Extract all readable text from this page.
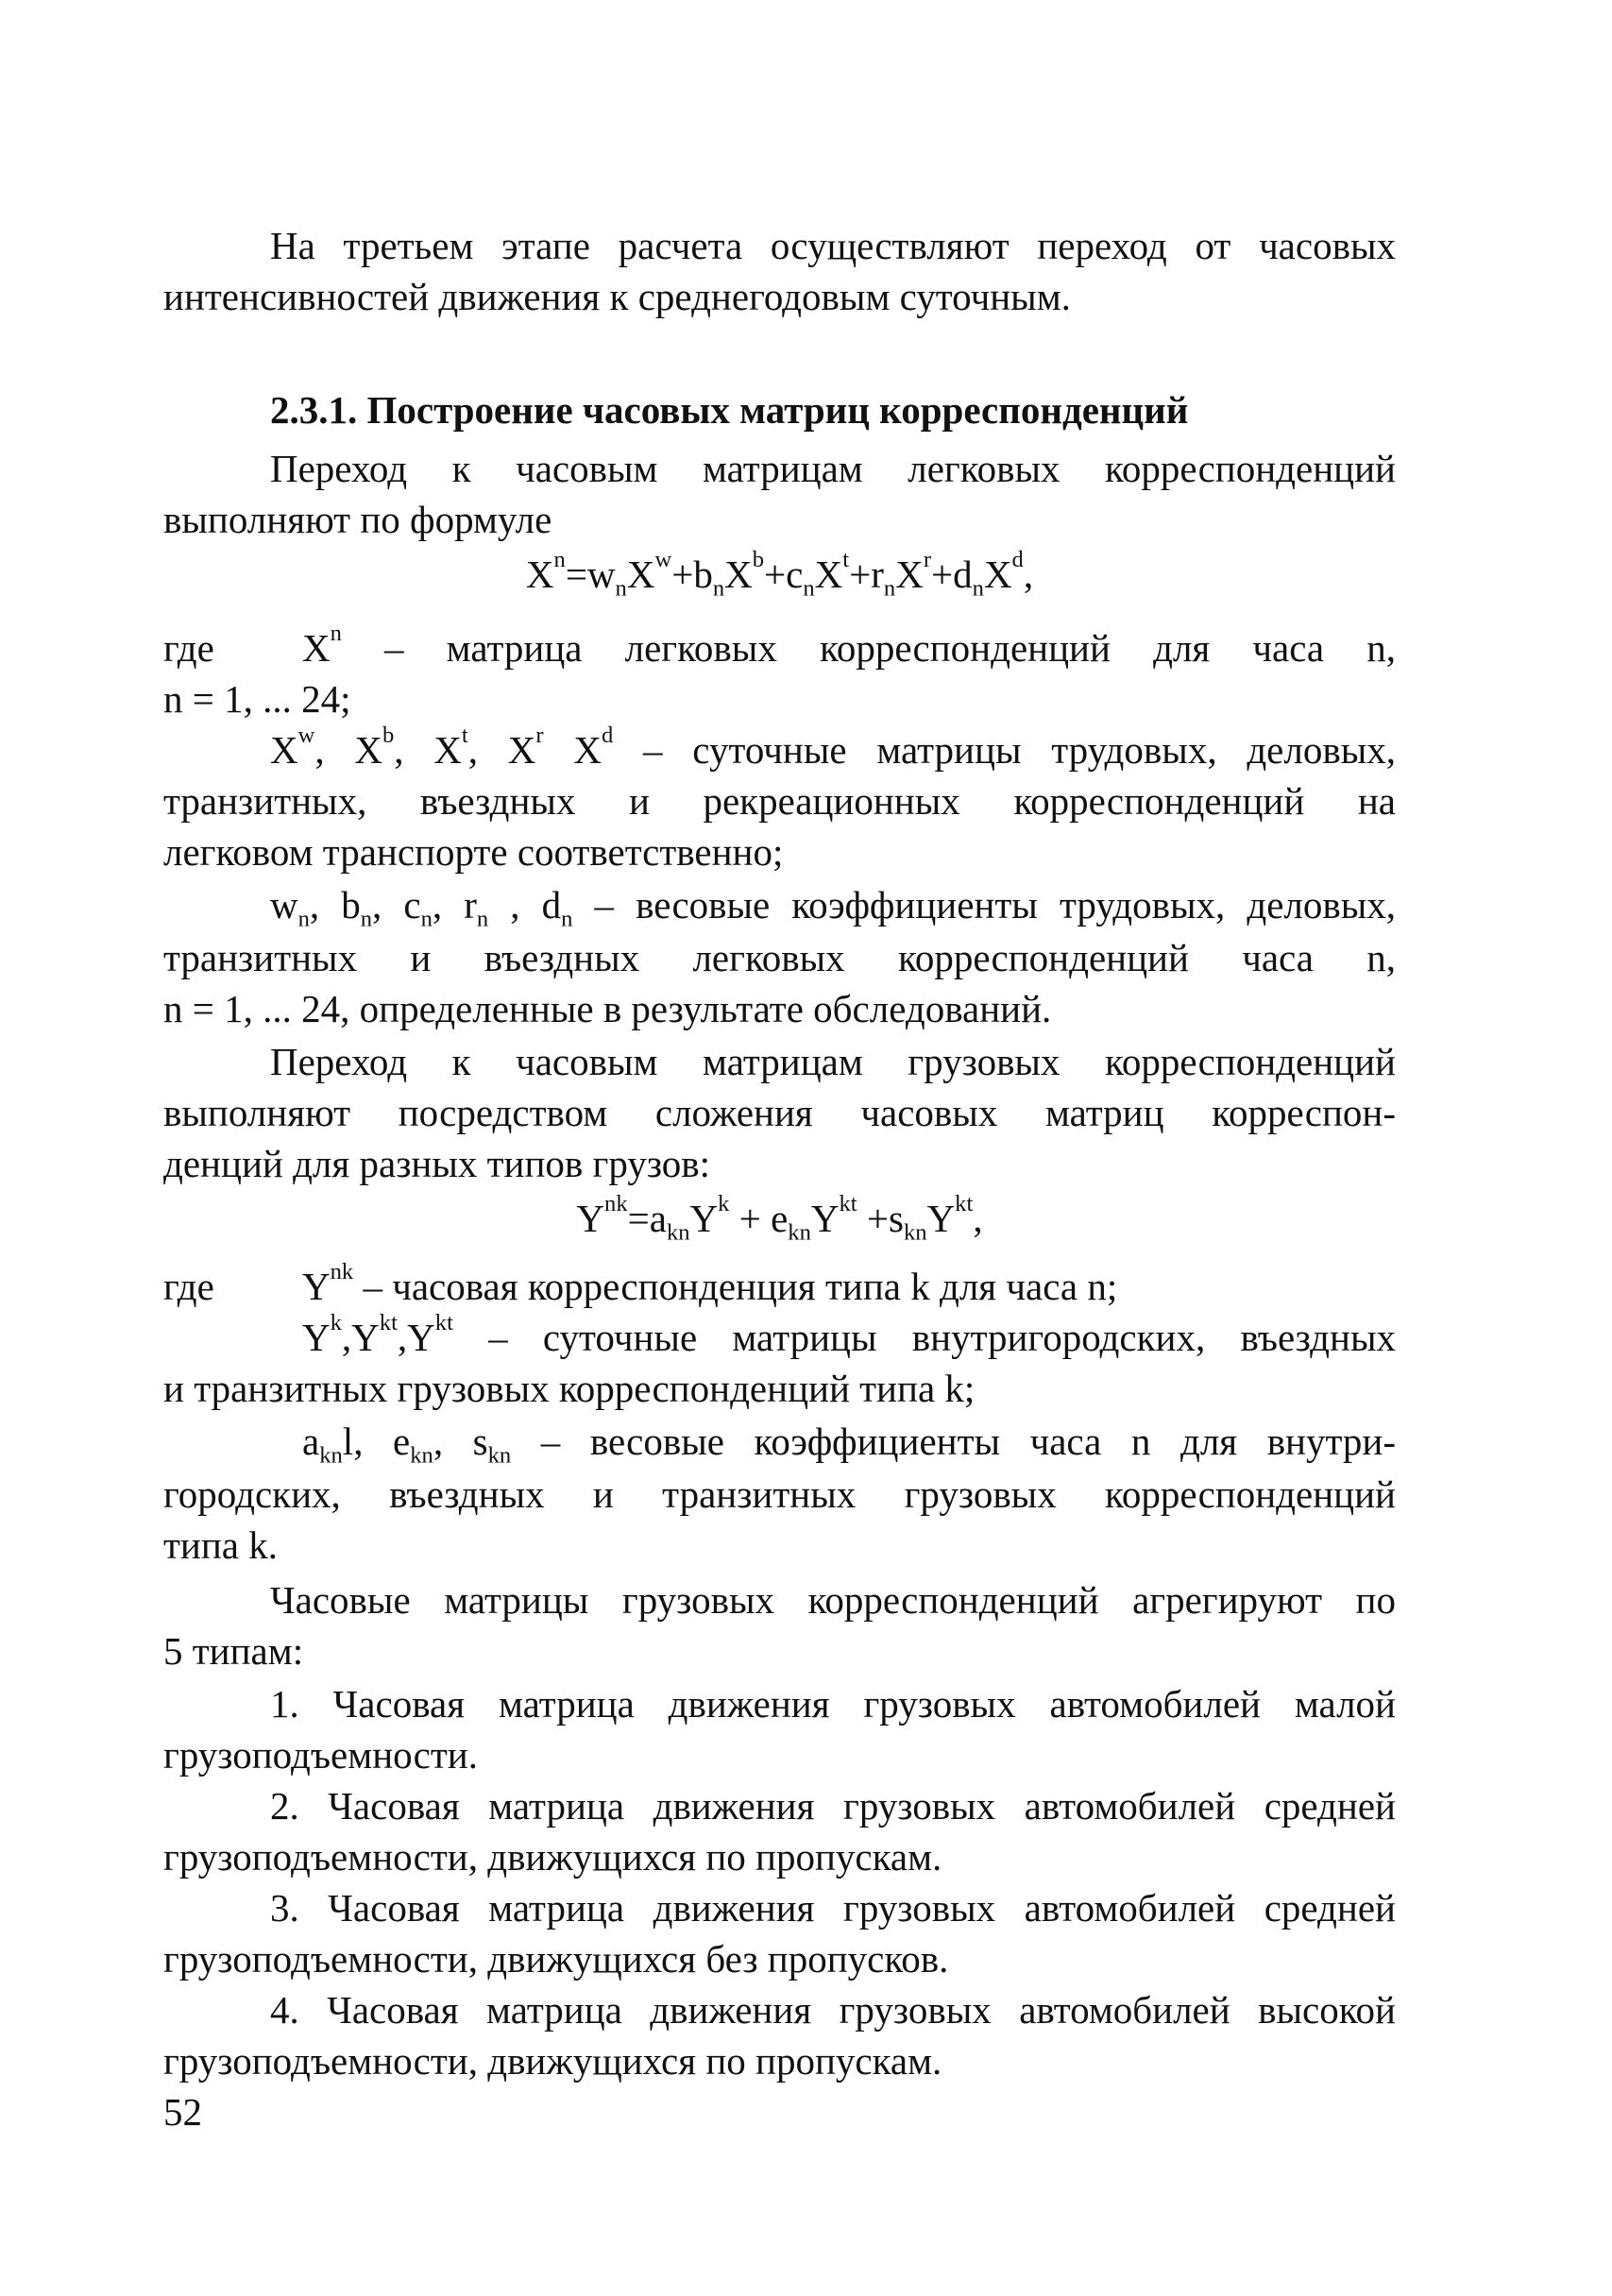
На третьем этапе расчета осуществляют переход от часовых
интенсивностей движения к среднегодовым суточным.
2.3.1. Построение часовых матриц корреспонденций
Переход к часовым матрицам легковых корреспонденций
выполняют по формуле
$X^n=w_nX^w+b_nX^b+c_nX^t+r_nX^r+d_nX^d$,
где	$X^n$ – матрица легковых корреспонденций для часа n,
n = 1, ... 24;
$X^w$, $X^b$, $X^t$, $X^r$ $X^d$ – суточные матрицы трудовых, деловых,
транзитных, въездных и рекреационных корреспонденций на
легковом транспорте соответственно;
$w_n$, $b_n$, $c_n$, $r_n$ , $d_n$ – весовые коэффициенты трудовых, деловых,
транзитных и въездных легковых корреспонденций часа n,
n = 1, ... 24, определенные в результате обследований.
Переход к часовым матрицам грузовых корреспонденций
выполняют посредством сложения часовых матриц корреспон-
денций для разных типов грузов:
$Y^{nk}=a_{kn}Y^k + e_{kn}Y^{kt} +s_{kn}Y^{kt}$,
где	$Y^{nk}$ – часовая корреспонденция типа k для часа n;
$Y^k,Y^{kt},Y^{kt}$ – суточные матрицы внутригородских, въездных
и транзитных грузовых корреспонденций типа k;
$a_{kn}l$, $e_{kn}$, $s_{kn}$ – весовые коэффициенты часа n для внутри-
городских, въездных и транзитных грузовых корреспонденций
типа k.
Часовые матрицы грузовых корреспонденций агрегируют по
5 типам:
1. Часовая матрица движения грузовых автомобилей малой
грузоподъемности.
2. Часовая матрица движения грузовых автомобилей средней
грузоподъемности, движущихся по пропускам.
3. Часовая матрица движения грузовых автомобилей средней
грузоподъемности, движущихся без пропусков.
4. Часовая матрица движения грузовых автомобилей высокой
грузоподъемности, движущихся по пропускам.
52
